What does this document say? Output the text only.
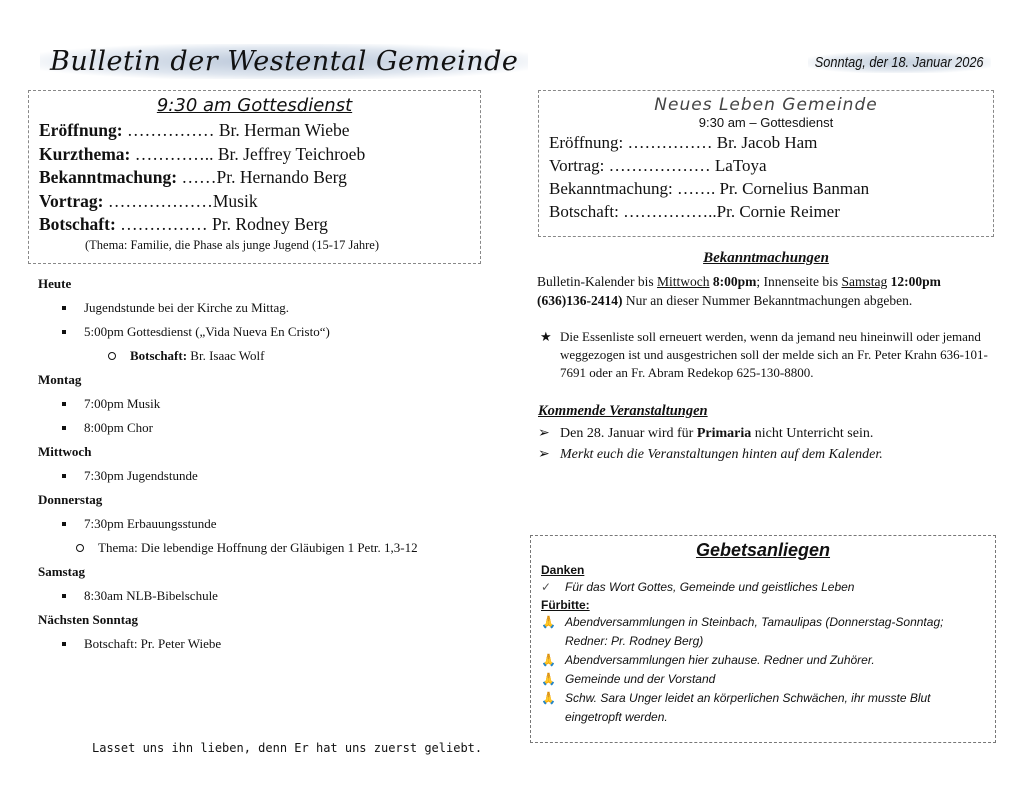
Bulletin der Westental Gemeinde	Sonntag, der 18. Januar 2026
9:30 am Gottesdienst
Eröffnung: …………… Br. Herman Wiebe
Kurzthema: ………….. Br. Jeffrey Teichroeb
Bekanntmachung: ……Pr. Hernando Berg
Vortrag: ………………Musik
Botschaft: …………… Pr. Rodney Berg
(Thema: Familie, die Phase als junge Jugend (15-17 Jahre)
Neues Leben Gemeinde
9:30 am – Gottesdienst
Eröffnung: …………… Br. Jacob Ham
Vortrag: ……………… LaToya
Bekanntmachung: ……. Pr. Cornelius Banman
Botschaft: ……………..Pr. Cornie Reimer
Heute
Jugendstunde bei der Kirche zu Mittag.
5:00pm Gottesdienst („Vida Nueva En Cristo“)
Botschaft: Br. Isaac Wolf
Montag
7:00pm Musik
8:00pm Chor
Mittwoch
7:30pm Jugendstunde
Donnerstag
7:30pm Erbauungsstunde
Thema: Die lebendige Hoffnung der Gläubigen 1 Petr. 1,3-12
Samstag
8:30am NLB-Bibelschule
Nächsten Sonntag
Botschaft: Pr. Peter Wiebe
Lasset uns ihn lieben, denn Er hat uns zuerst geliebt.
Bekanntmachungen
Bulletin-Kalender bis Mittwoch 8:00pm; Innenseite bis Samstag 12:00pm
(636)136-2414) Nur an dieser Nummer Bekanntmachungen abgeben.
★ Die Essenliste soll erneuert werden, wenn da jemand neu hineinwill oder jemand weggezogen ist und ausgestrichen soll der melde sich an Fr. Peter Krahn 636-101-7691 oder an Fr. Abram Redekop 625-130-8800.
Kommende Veranstaltungen
➢ Den 28. Januar wird für Primaria nicht Unterricht sein.
➢ Merkt euch die Veranstaltungen hinten auf dem Kalender.
Gebetsanliegen
Danken
✓ Für das Wort Gottes, Gemeinde und geistliches Leben
Fürbitte:
🙏 Abendversammlungen in Steinbach, Tamaulipas (Donnerstag-Sonntag; Redner: Pr. Rodney Berg)
🙏 Abendversammlungen hier zuhause. Redner und Zuhörer.
🙏 Gemeinde und der Vorstand
🙏 Schw. Sara Unger leidet an körperlichen Schwächen, ihr musste Blut eingetropft werden.
